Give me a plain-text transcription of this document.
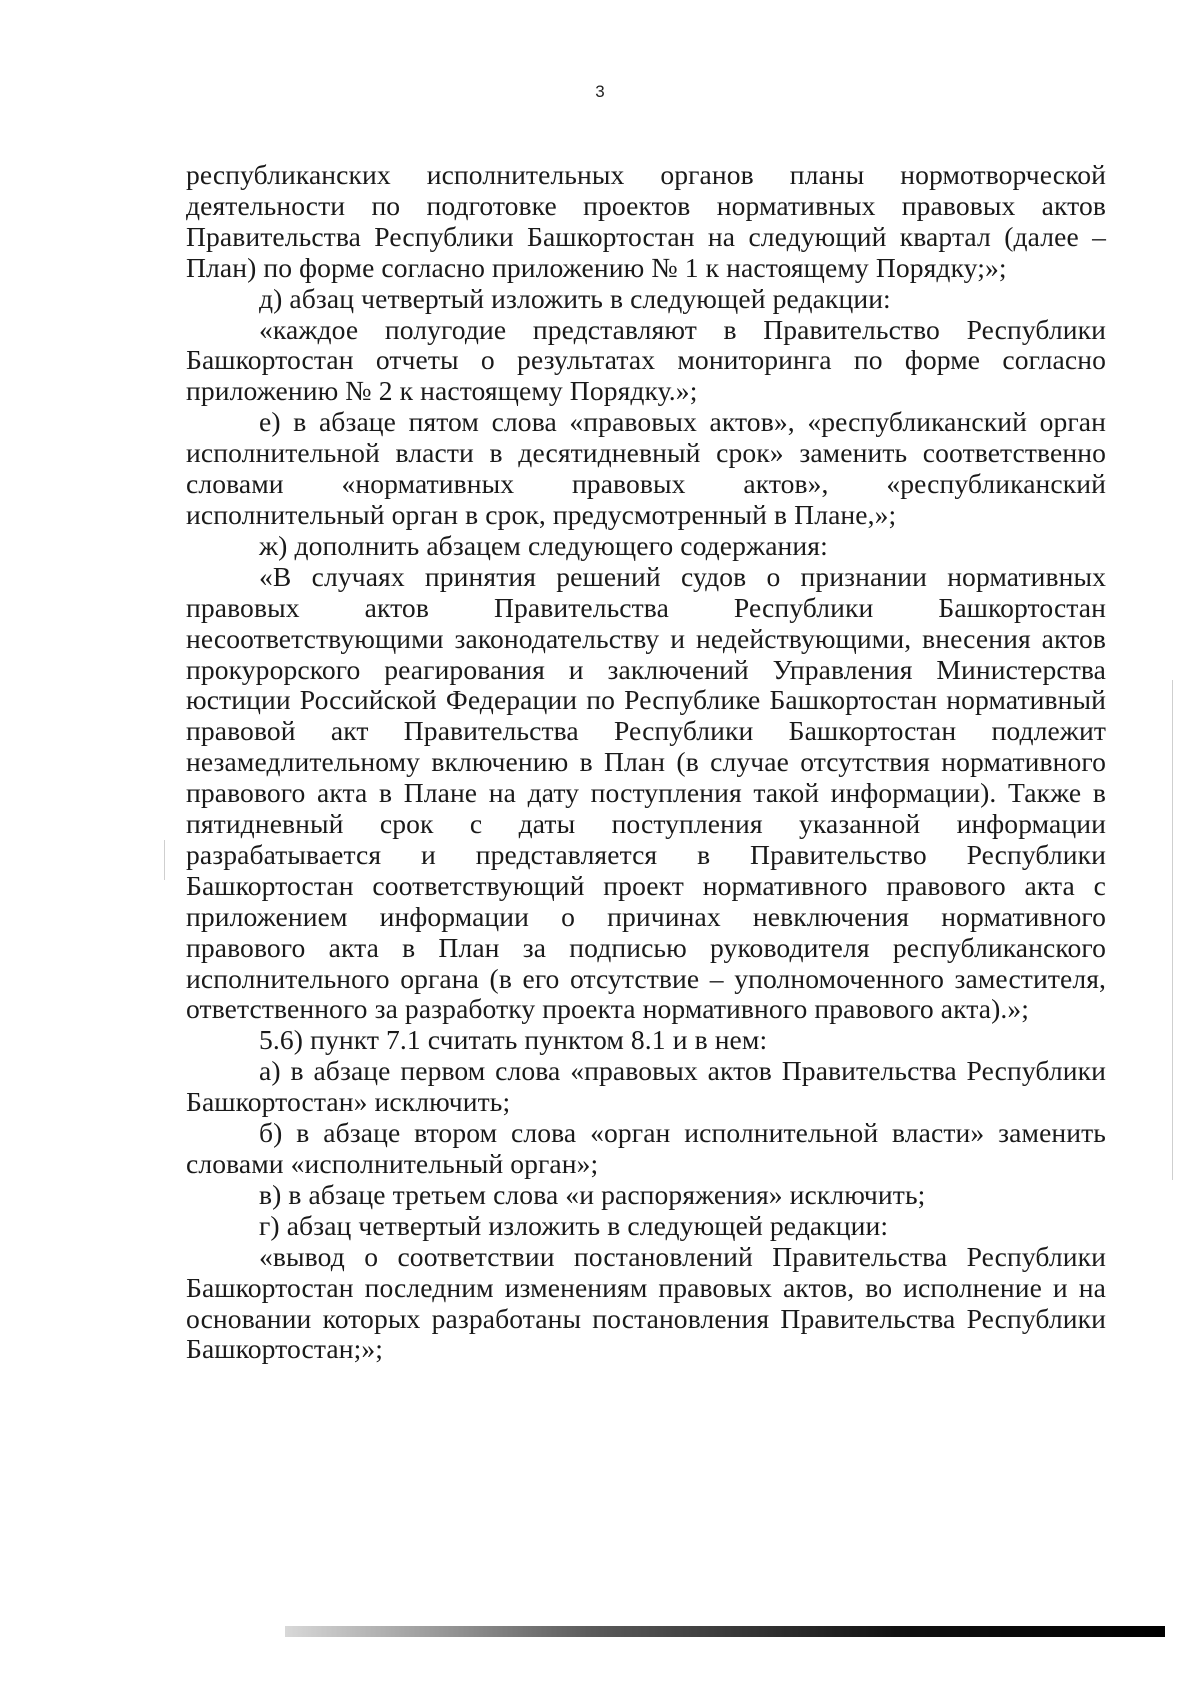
3

республиканских исполнительных органов планы нормотворческой деятельности по подготовке проектов нормативных правовых актов Правительства Республики Башкортостан на следующий квартал (далее – План) по форме согласно приложению № 1 к настоящему Порядку;»;

д) абзац четвертый изложить в следующей редакции:

«каждое полугодие представляют в Правительство Республики Башкортостан отчеты о результатах мониторинга по форме согласно приложению № 2 к настоящему Порядку.»;

е) в абзаце пятом слова «правовых актов», «республиканский орган исполнительной власти в десятидневный срок» заменить соответственно словами «нормативных правовых актов», «республиканский исполнительный орган в срок, предусмотренный в Плане,»;

ж) дополнить абзацем следующего содержания:

«В случаях принятия решений судов о признании нормативных правовых актов Правительства Республики Башкортостан несоответствующими законодательству и недействующими, внесения актов прокурорского реагирования и заключений Управления Министерства юстиции Российской Федерации по Республике Башкортостан нормативный правовой акт Правительства Республики Башкортостан подлежит незамедлительному включению в План (в случае отсутствия нормативного правового акта в Плане на дату поступления такой информации). Также в пятидневный срок с даты поступления указанной информации разрабатывается и представляется в Правительство Республики Башкортостан соответствующий проект нормативного правового акта с приложением информации о причинах невключения нормативного правового акта в План за подписью руководителя республиканского исполнительного органа (в его отсутствие – уполномоченного заместителя, ответственного за разработку проекта нормативного правового акта).»;

5.6) пункт 7.1 считать пунктом 8.1 и в нем:

а) в абзаце первом слова «правовых актов Правительства Республики Башкортостан» исключить;

б) в абзаце втором слова «орган исполнительной власти» заменить словами «исполнительный орган»;

в) в абзаце третьем слова «и распоряжения» исключить;

г) абзац четвертый изложить в следующей редакции:

«вывод о соответствии постановлений Правительства Республики Башкортостан последним изменениям правовых актов, во исполнение и на основании которых разработаны постановления Правительства Республики Башкортостан;»;
